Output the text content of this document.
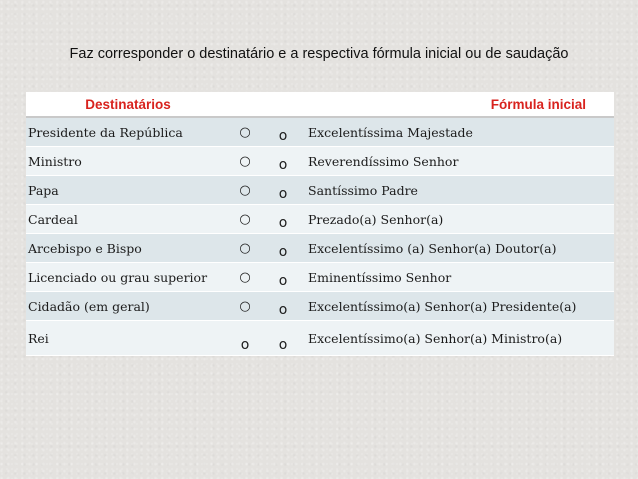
Faz corresponder o destinatário e a respectiva fórmula inicial ou de saudação
Destinatários			Fórmula inicial
Presidente da República	○	o	Excelentíssima Majestade
Ministro	○	o	Reverendíssimo Senhor
Papa	○	o	Santíssimo Padre
Cardeal	○	o	Prezado(a) Senhor(a)
Arcebispo e Bispo	○	o	Excelentíssimo (a) Senhor(a) Doutor(a)
Licenciado ou grau superior	○	o	Eminentíssimo Senhor
Cidadão (em geral)	○	o	Excelentíssimo(a) Senhor(a) Presidente(a)
Rei	o	o	Excelentíssimo(a) Senhor(a) Ministro(a)
